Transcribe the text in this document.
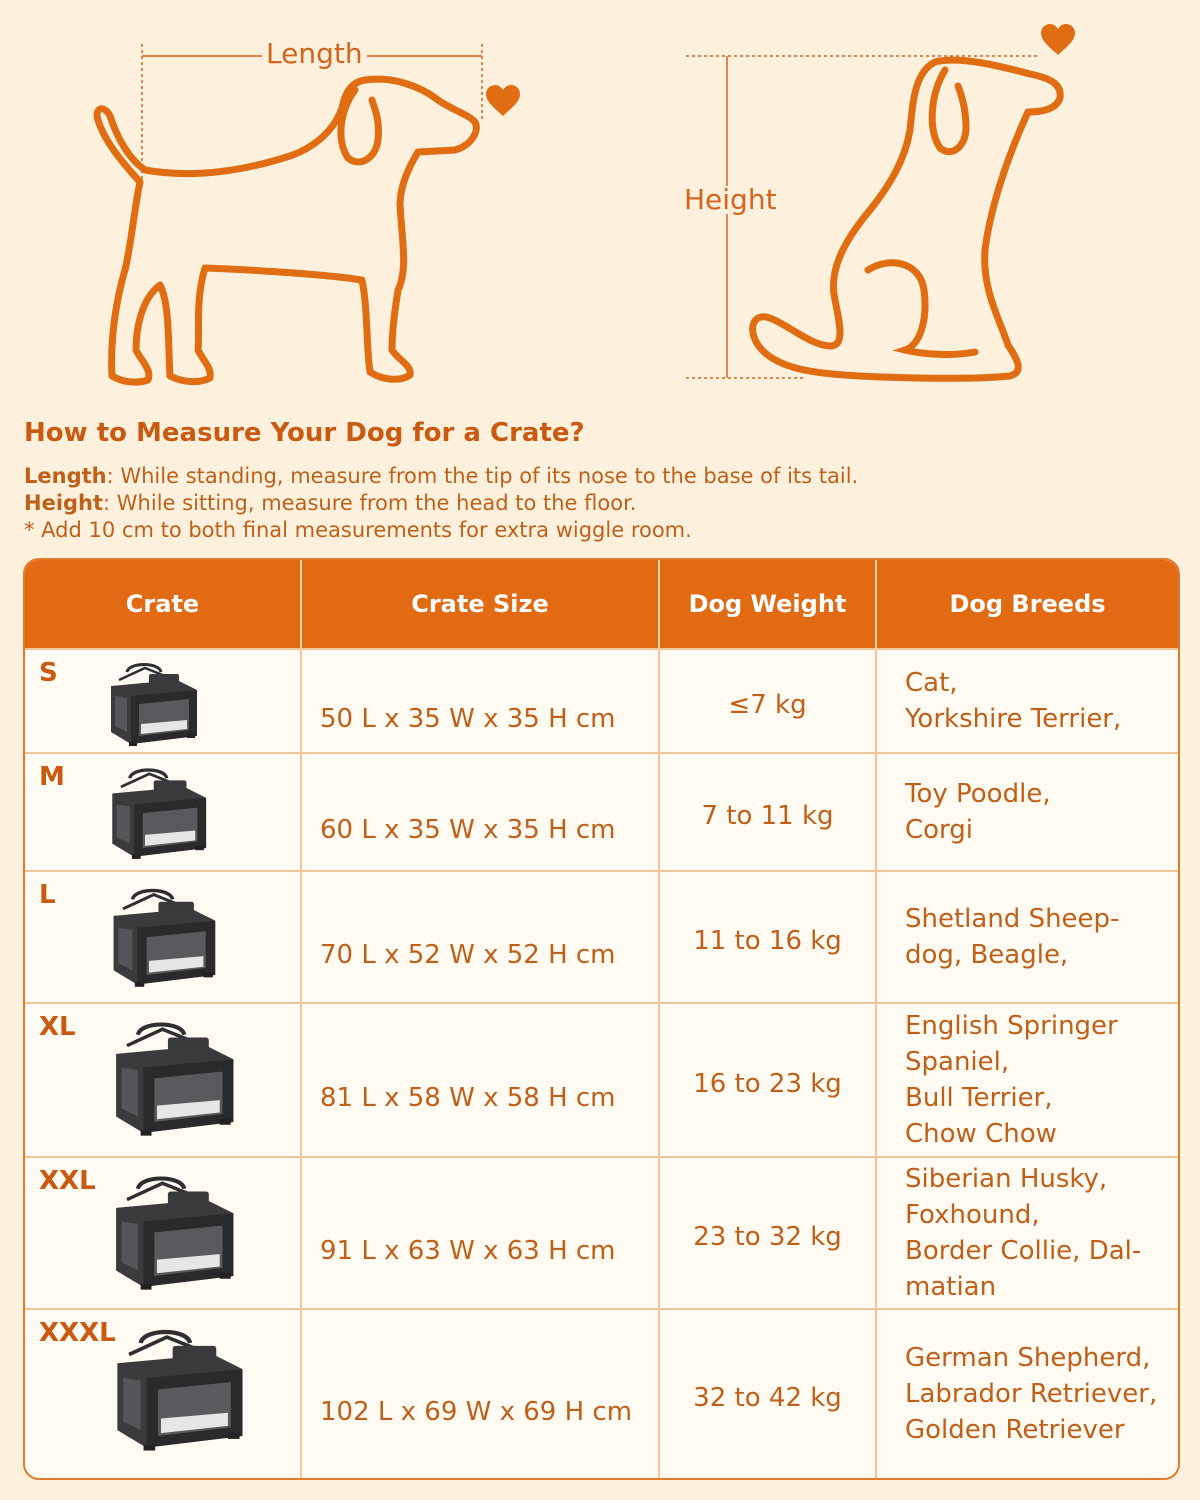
Length
Height
How to Measure Your Dog for a Crate?

Length: While standing, measure from the tip of its nose to the base of its tail.

Height: While sitting, measure from the head to the floor.

* Add 10 cm to both final measurements for extra wiggle room.

Crate	Crate Size	Dog Weight	Dog Breeds

S	50 L x 35 W x 35 H cm	≤7 kg	Cat,
Yorkshire Terrier,

M	60 L x 35 W x 35 H cm	7 to 11 kg	Toy Poodle,
Corgi

L	70 L x 52 W x 52 H cm	11 to 16 kg	Shetland Sheep-
dog, Beagle,

XL	81 L x 58 W x 58 H cm	16 to 23 kg	English Springer
Spaniel,
Bull Terrier,
Chow Chow

XXL	91 L x 63 W x 63 H cm	23 to 32 kg	Siberian Husky,
Foxhound,
Border Collie, Dal-
matian

XXXL	102 L x 69 W x 69 H cm	32 to 42 kg	German Shepherd,
Labrador Retriever,
Golden Retriever
